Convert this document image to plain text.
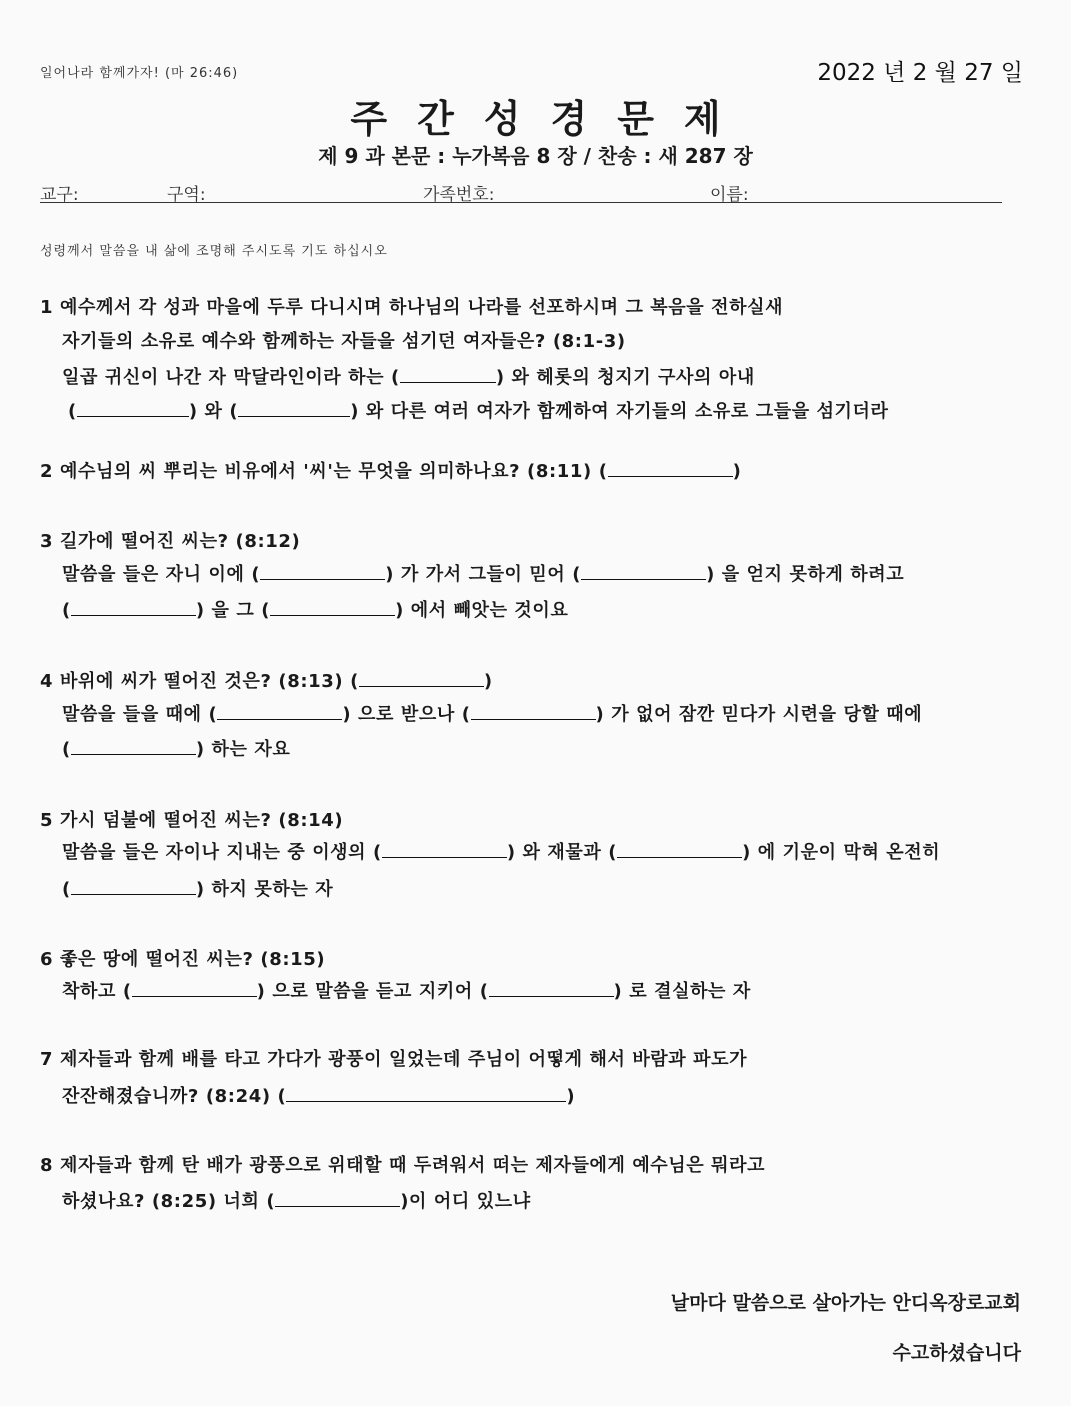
일어나라 함께가자! (마 26:46)	2022 년 2 월 27 일
주간성경문제
제 9 과 본문 : 누가복음 8 장 / 찬송 : 새 287 장
교구:	구역:	가족번호:	이름:
성령께서 말씀을 내 삶에 조명해 주시도록 기도 하십시오
1 예수께서 각 성과 마을에 두루 다니시며 하나님의 나라를 선포하시며 그 복음을 전하실새
자기들의 소유로 예수와 함께하는 자들을 섬기던 여자들은? (8:1-3)
일곱 귀신이 나간 자 막달라인이라 하는 (	) 와 헤롯의 청지기 구사의 아내
(	) 와 (	) 와 다른 여러 여자가 함께하여 자기들의 소유로 그들을 섬기더라
2 예수님의 씨 뿌리는 비유에서 '씨'는 무엇을 의미하나요? (8:11) (	)
3 길가에 떨어진 씨는? (8:12)
말씀을 들은 자니 이에 (	) 가 가서 그들이 믿어 (	) 을 얻지 못하게 하려고
(	) 을 그 (	) 에서 빼앗는 것이요
4 바위에 씨가 떨어진 것은? (8:13) (	)
말씀을 들을 때에 (	) 으로 받으나 (	) 가 없어 잠깐 믿다가 시련을 당할 때에
(	) 하는 자요
5 가시 덤불에 떨어진 씨는? (8:14)
말씀을 들은 자이나 지내는 중 이생의 (	) 와 재물과 (	) 에 기운이 막혀 온전히
(	) 하지 못하는 자
6 좋은 땅에 떨어진 씨는? (8:15)
착하고 (	) 으로 말씀을 듣고 지키어 (	) 로 결실하는 자
7 제자들과 함께 배를 타고 가다가 광풍이 일었는데 주님이 어떻게 해서 바람과 파도가
잔잔해졌습니까? (8:24) (	)
8 제자들과 함께 탄 배가 광풍으로 위태할 때 두려워서 떠는 제자들에게 예수님은 뭐라고
하셨나요? (8:25) 너희 (	)이 어디 있느냐
날마다 말씀으로 살아가는 안디옥장로교회
수고하셨습니다
